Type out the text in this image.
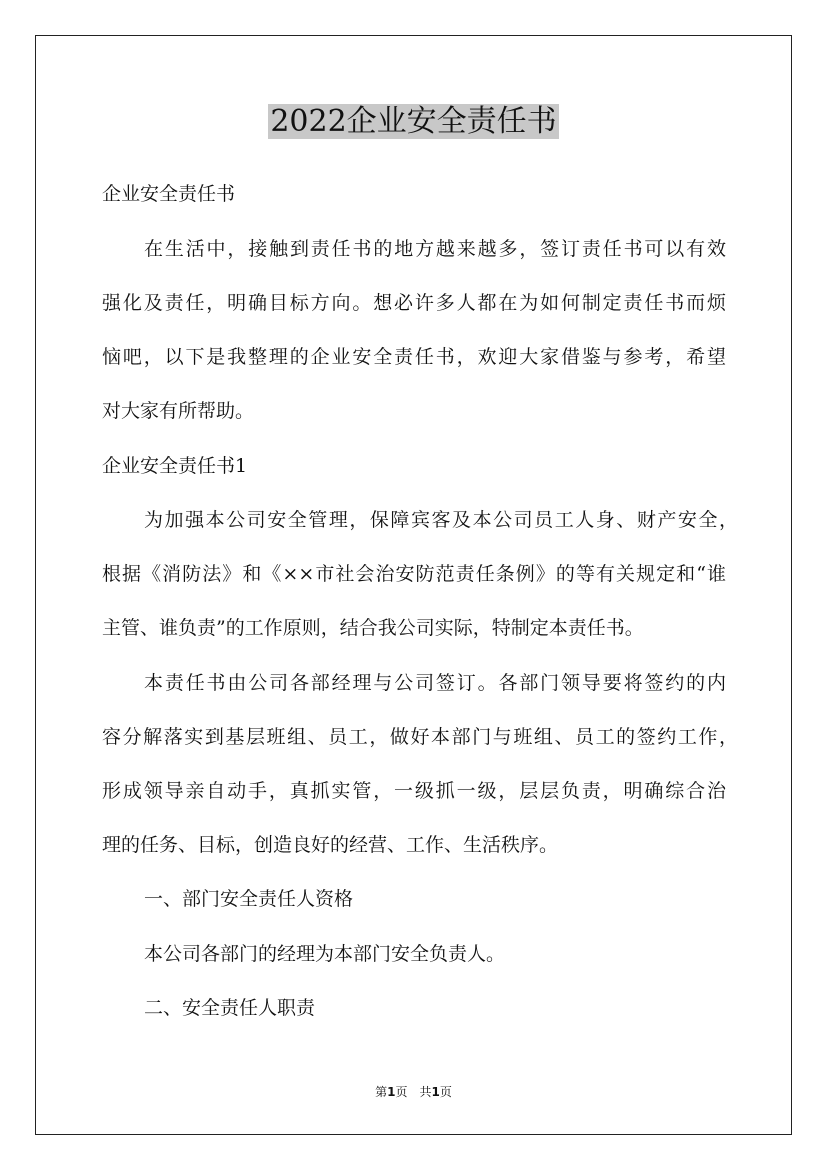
2022企业安全责任书
企业安全责任书
在生活中，接触到责任书的地方越来越多，签订责任书可以有效
强化及责任，明确目标方向。想必许多人都在为如何制定责任书而烦
恼吧，以下是我整理的企业安全责任书，欢迎大家借鉴与参考，希望
对大家有所帮助。
企业安全责任书1
为加强本公司安全管理，保障宾客及本公司员工人身、财产安全，
根据《消防法》和《××市社会治安防范责任条例》的等有关规定和“谁
主管、谁负责”的工作原则，结合我公司实际，特制定本责任书。
本责任书由公司各部经理与公司签订。各部门领导要将签约的内
容分解落实到基层班组、员工，做好本部门与班组、员工的签约工作，
形成领导亲自动手，真抓实管，一级抓一级，层层负责，明确综合治
理的任务、目标，创造良好的经营、工作、生活秩序。
一、部门安全责任人资格
本公司各部门的经理为本部门安全负责人。
二、安全责任人职责
第1页　共1页
